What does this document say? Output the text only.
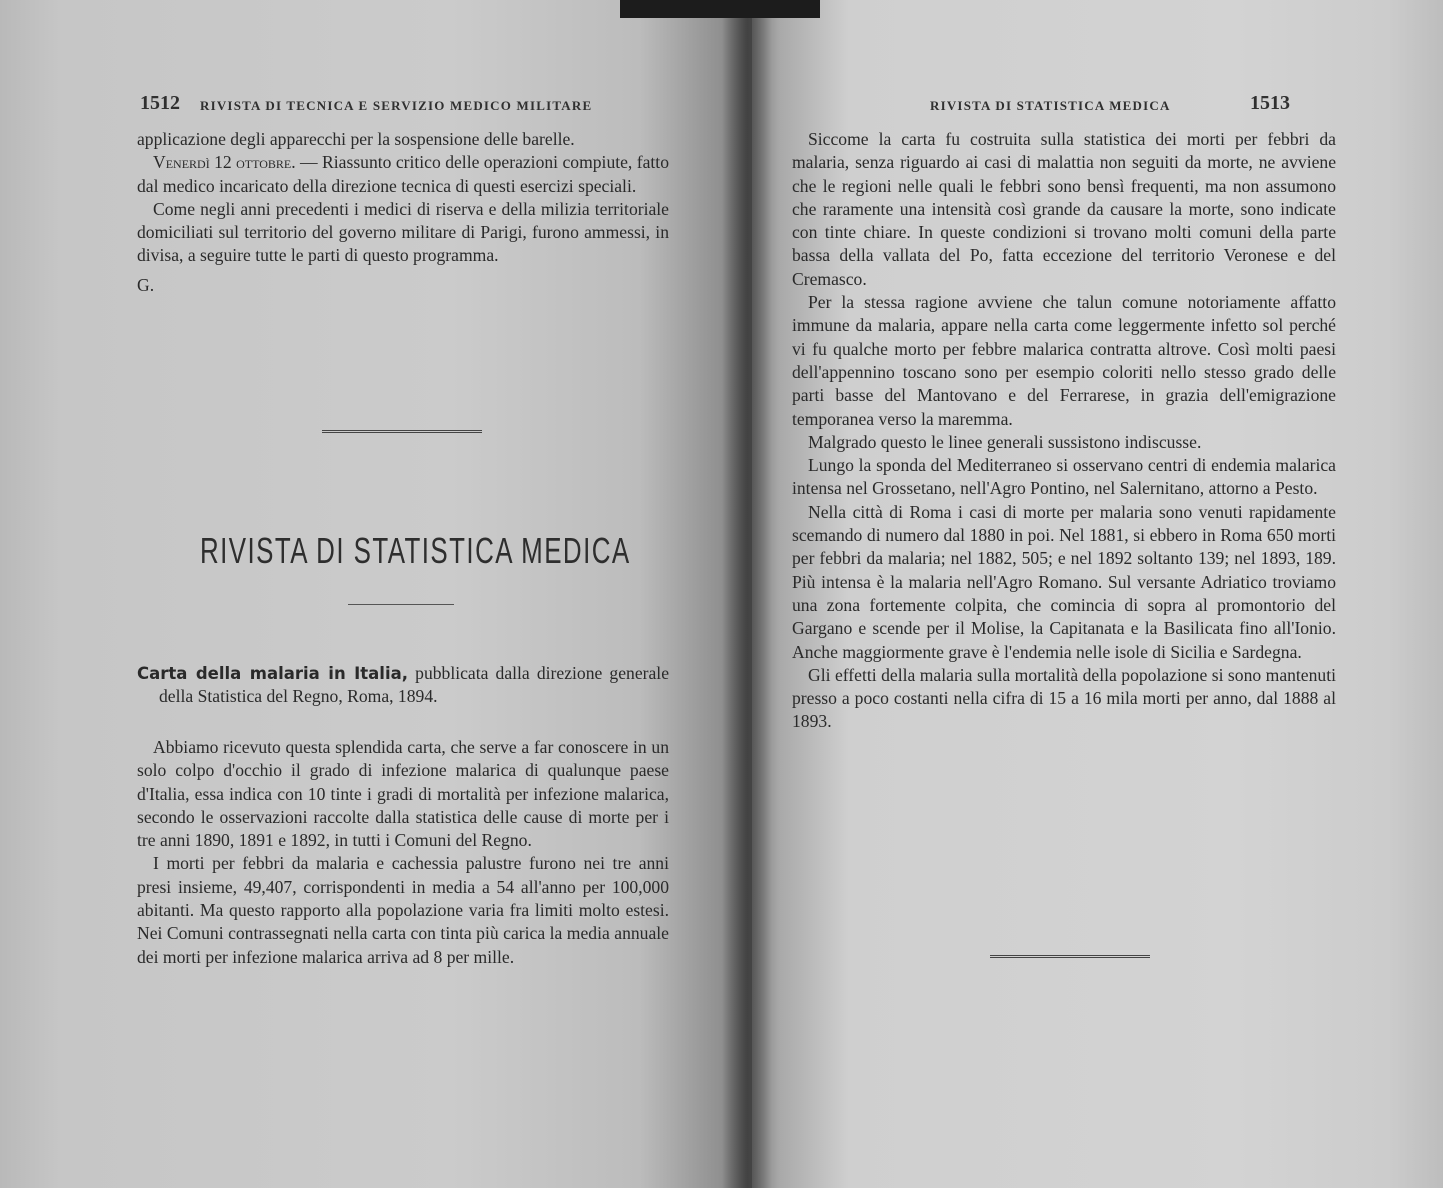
1512 RIVISTA DI TECNICA E SERVIZIO MEDICO MILITARE

applicazione degli apparecchi per la sospensione delle barelle.

Venerdì 12 ottobre. — Riassunto critico delle operazioni compiute, fatto dal medico incaricato della direzione tecnica di questi esercizi speciali.

Come negli anni precedenti i medici di riserva e della milizia territoriale domiciliati sul territorio del governo militare di Parigi, furono ammessi, in divisa, a seguire tutte le parti di questo programma.

G.

RIVISTA DI STATISTICA MEDICA

Carta della malaria in Italia, pubblicata dalla direzione generale della Statistica del Regno, Roma, 1894.

Abbiamo ricevuto questa splendida carta, che serve a far conoscere in un solo colpo d'occhio il grado di infezione malarica di qualunque paese d'Italia, essa indica con 10 tinte i gradi di mortalità per infezione malarica, secondo le osservazioni raccolte dalla statistica delle cause di morte per i tre anni 1890, 1891 e 1892, in tutti i Comuni del Regno.

I morti per febbri da malaria e cachessia palustre furono nei tre anni presi insieme, 49,407, corrispondenti in media a 54 all'anno per 100,000 abitanti. Ma questo rapporto alla popolazione varia fra limiti molto estesi. Nei Comuni contrassegnati nella carta con tinta più carica la media annuale dei morti per infezione malarica arriva ad 8 per mille.

RIVISTA DI STATISTICA MEDICA	1513

Siccome la carta fu costruita sulla statistica dei morti per febbri da malaria, senza riguardo ai casi di malattia non seguiti da morte, ne avviene che le regioni nelle quali le febbri sono bensì frequenti, ma non assumono che raramente una intensità così grande da causare la morte, sono indicate con tinte chiare. In queste condizioni si trovano molti comuni della parte bassa della vallata del Po, fatta eccezione del territorio Veronese e del Cremasco.

Per la stessa ragione avviene che talun comune notoriamente affatto immune da malaria, appare nella carta come leggermente infetto sol perché vi fu qualche morto per febbre malarica contratta altrove. Così molti paesi dell'appennino toscano sono per esempio coloriti nello stesso grado delle parti basse del Mantovano e del Ferrarese, in grazia dell'emigrazione temporanea verso la maremma.

Malgrado questo le linee generali sussistono indiscusse.

Lungo la sponda del Mediterraneo si osservano centri di endemia malarica intensa nel Grossetano, nell'Agro Pontino, nel Salernitano, attorno a Pesto.

Nella città di Roma i casi di morte per malaria sono venuti rapidamente scemando di numero dal 1880 in poi. Nel 1881, si ebbero in Roma 650 morti per febbri da malaria; nel 1882, 505; e nel 1892 soltanto 139; nel 1893, 189. Più intensa è la malaria nell'Agro Romano. Sul versante Adriatico troviamo una zona fortemente colpita, che comincia di sopra al promontorio del Gargano e scende per il Molise, la Capitanata e la Basilicata fino all'Ionio. Anche maggiormente grave è l'endemia nelle isole di Sicilia e Sardegna.

Gli effetti della malaria sulla mortalità della popolazione si sono mantenuti presso a poco costanti nella cifra di 15 a 16 mila morti per anno, dal 1888 al 1893.
